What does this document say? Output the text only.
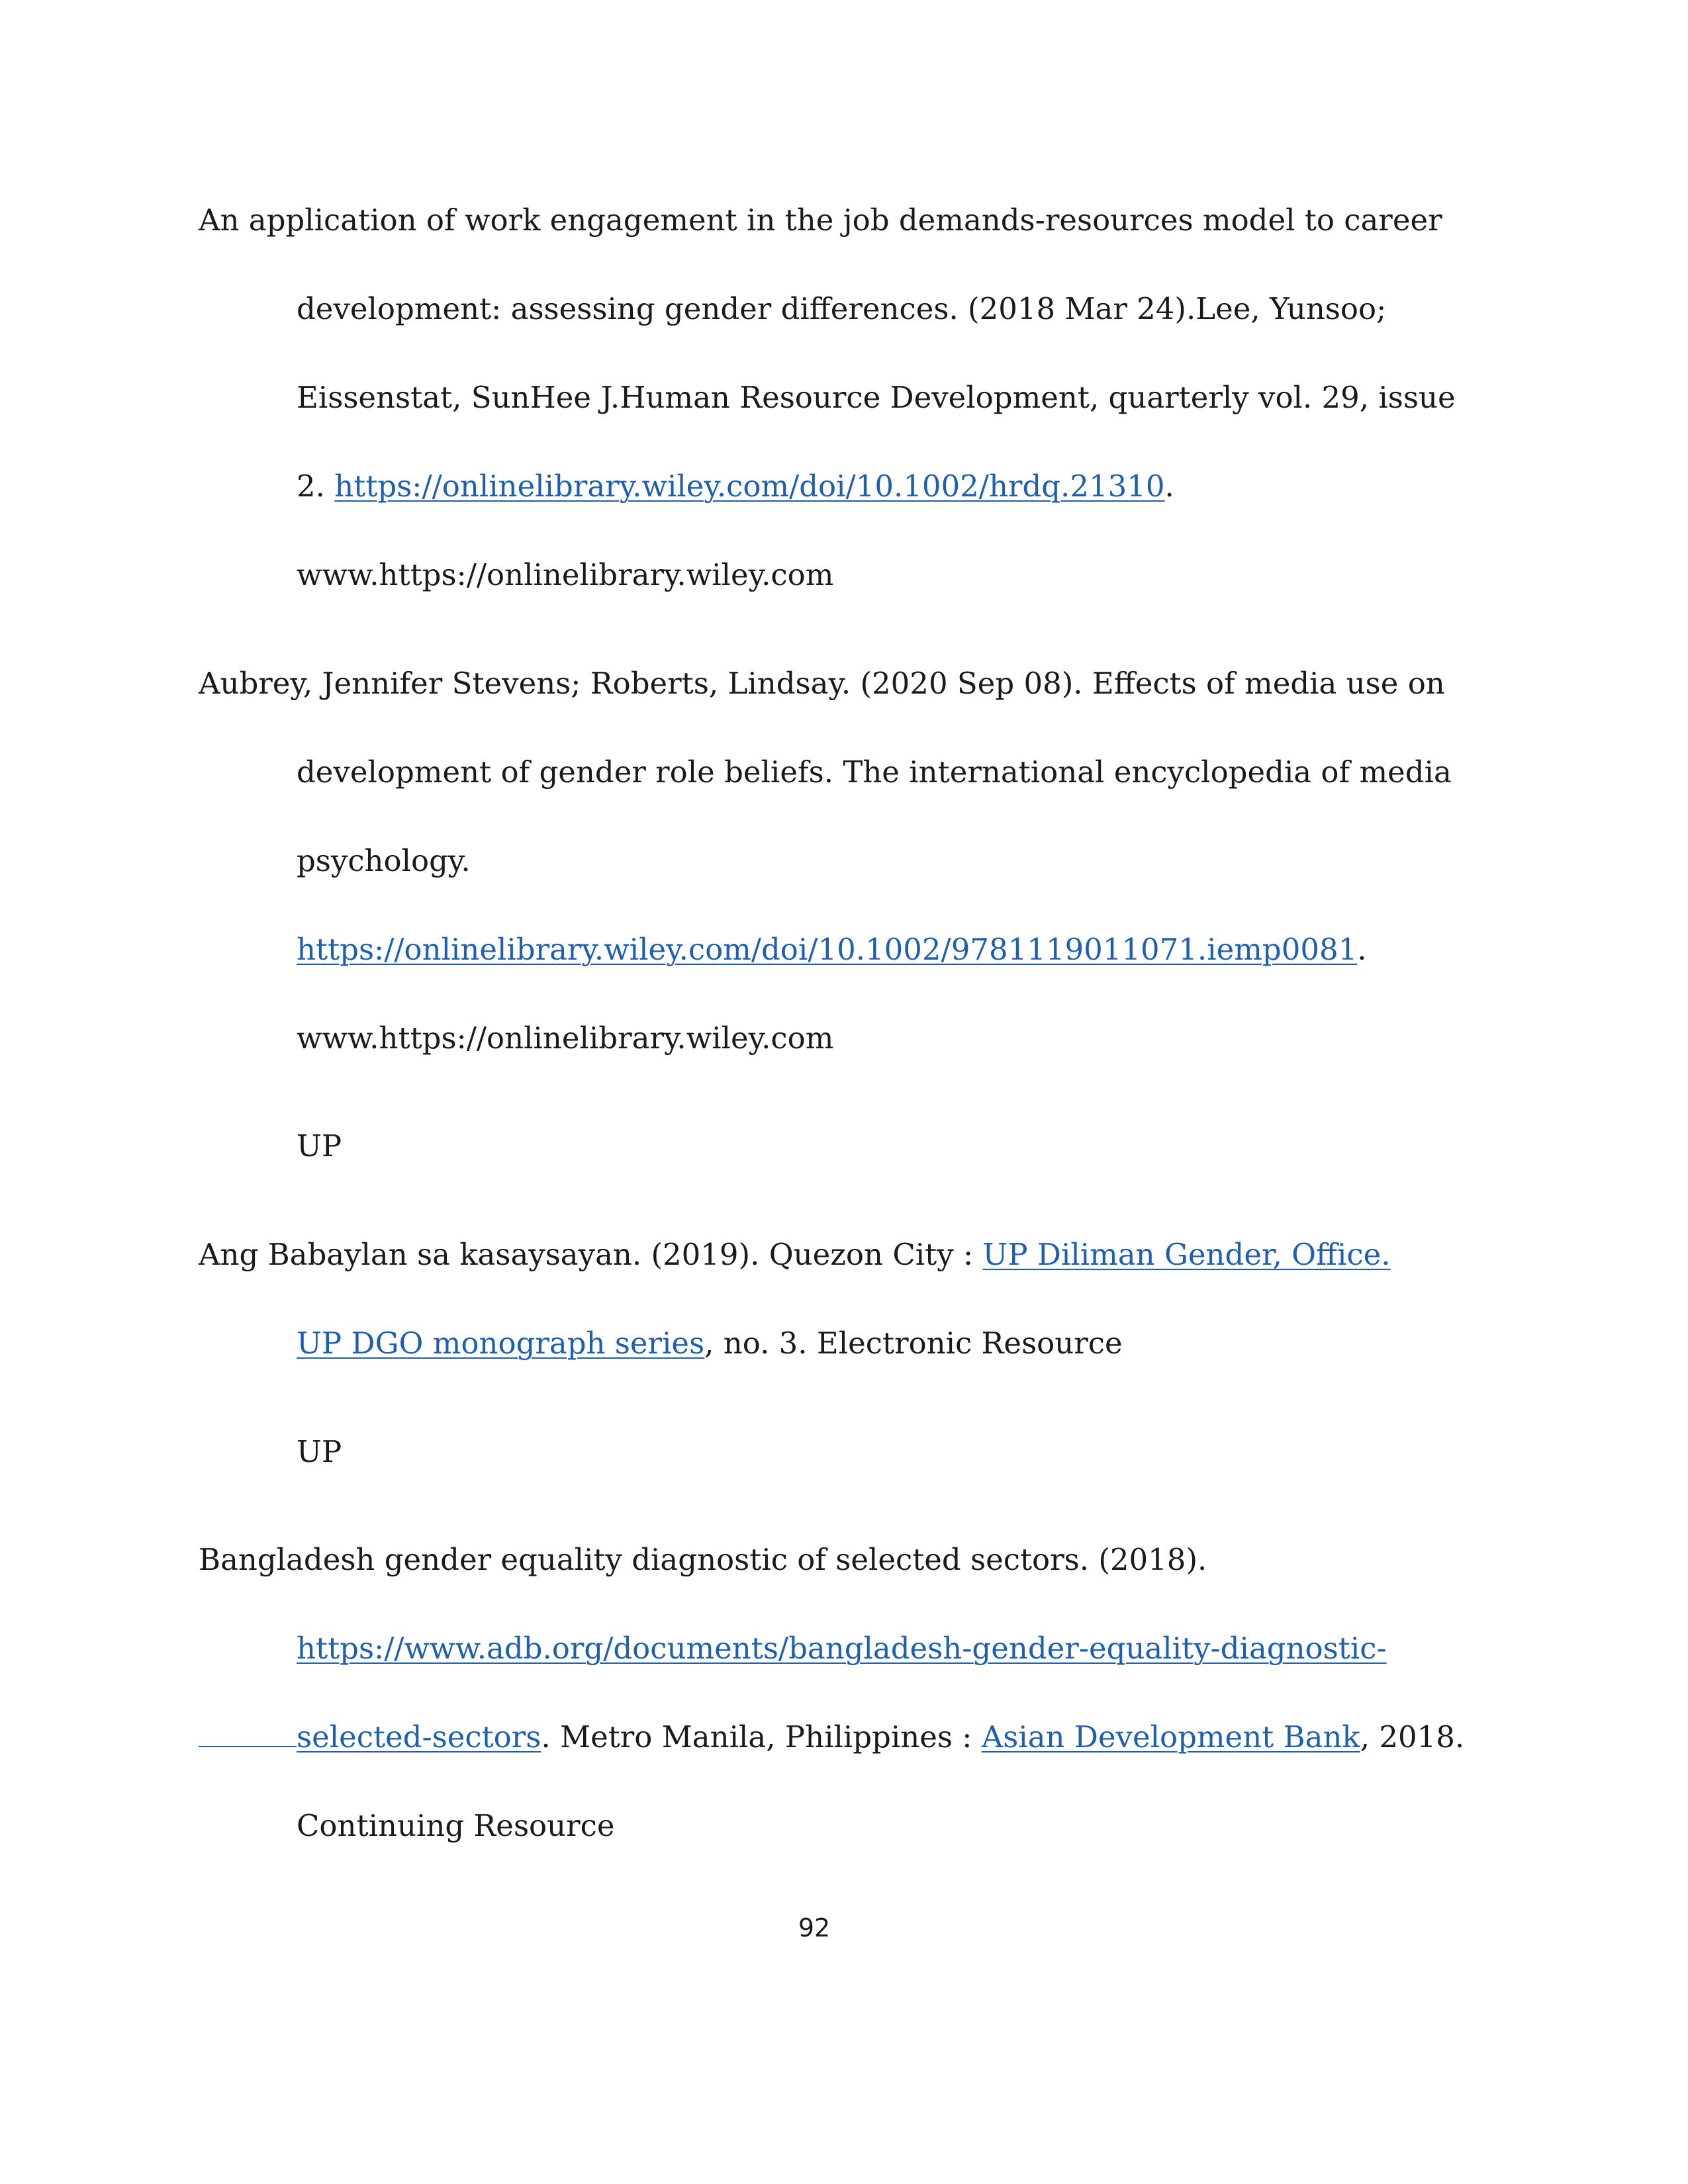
An application of work engagement in the job demands-resources model to career
development: assessing gender differences. (2018 Mar 24).Lee, Yunsoo;
Eissenstat, SunHee J.Human Resource Development, quarterly vol. 29, issue
2. https://onlinelibrary.wiley.com/doi/10.1002/hrdq.21310.
www.https://onlinelibrary.wiley.com
Aubrey, Jennifer Stevens; Roberts, Lindsay. (2020 Sep 08). Effects of media use on
development of gender role beliefs. The international encyclopedia of media
psychology.
https://onlinelibrary.wiley.com/doi/10.1002/9781119011071.iemp0081.
www.https://onlinelibrary.wiley.com
UP
Ang Babaylan sa kasaysayan. (2019). Quezon City : UP Diliman Gender, Office.
UP DGO monograph series, no. 3. Electronic Resource
UP
Bangladesh gender equality diagnostic of selected sectors. (2018).
https://www.adb.org/documents/bangladesh-gender-equality-diagnostic-
selected-sectors. Metro Manila, Philippines : Asian Development Bank, 2018.
Continuing Resource
92
